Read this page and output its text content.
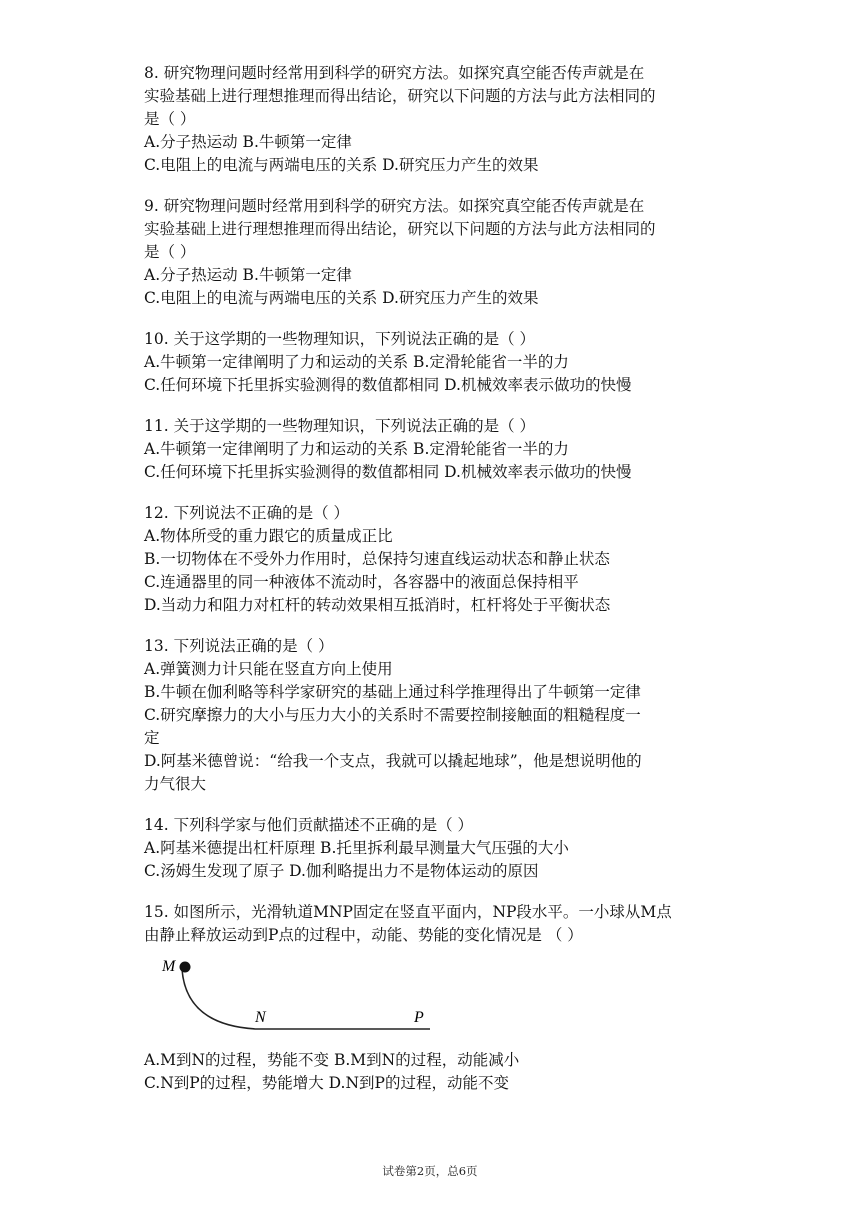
8. 研究物理问题时经常用到科学的研究方法。如探究真空能否传声就是在
实验基础上进行理想推理而得出结论，研究以下问题的方法与此方法相同的
是（ ）
A.分子热运动 B.牛顿第一定律
C.电阻上的电流与两端电压的关系 D.研究压力产生的效果
9. 研究物理问题时经常用到科学的研究方法。如探究真空能否传声就是在
实验基础上进行理想推理而得出结论，研究以下问题的方法与此方法相同的
是（ ）
A.分子热运动 B.牛顿第一定律
C.电阻上的电流与两端电压的关系 D.研究压力产生的效果
10. 关于这学期的一些物理知识，下列说法正确的是（ ）
A.牛顿第一定律阐明了力和运动的关系 B.定滑轮能省一半的力
C.任何环境下托里拆实验测得的数值都相同 D.机械效率表示做功的快慢
11. 关于这学期的一些物理知识，下列说法正确的是（ ）
A.牛顿第一定律阐明了力和运动的关系 B.定滑轮能省一半的力
C.任何环境下托里拆实验测得的数值都相同 D.机械效率表示做功的快慢
12. 下列说法不正确的是（ ）
A.物体所受的重力跟它的质量成正比
B.一切物体在不受外力作用时，总保持匀速直线运动状态和静止状态
C.连通器里的同一种液体不流动时，各容器中的液面总保持相平
D.当动力和阻力对杠杆的转动效果相互抵消时，杠杆将处于平衡状态
13. 下列说法正确的是（ ）
A.弹簧测力计只能在竖直方向上使用
B.牛顿在伽利略等科学家研究的基础上通过科学推理得出了牛顿第一定律
C.研究摩擦力的大小与压力大小的关系时不需要控制接触面的粗糙程度一
定
D.阿基米德曾说：“给我一个支点，我就可以撬起地球”，他是想说明他的
力气很大
14. 下列科学家与他们贡献描述不正确的是（ ）
A.阿基米德提出杠杆原理 B.托里拆利最早测量大气压强的大小
C.汤姆生发现了原子 D.伽利略提出力不是物体运动的原因
15. 如图所示，光滑轨道MNP固定在竖直平面内，NP段水平。一小球从M点
由静止释放运动到P点的过程中，动能、势能的变化情况是 （ ）
M
N	P
A.M到N的过程，势能不变 B.M到N的过程，动能减小
C.N到P的过程，势能增大 D.N到P的过程，动能不变
试卷第2页，总6页
